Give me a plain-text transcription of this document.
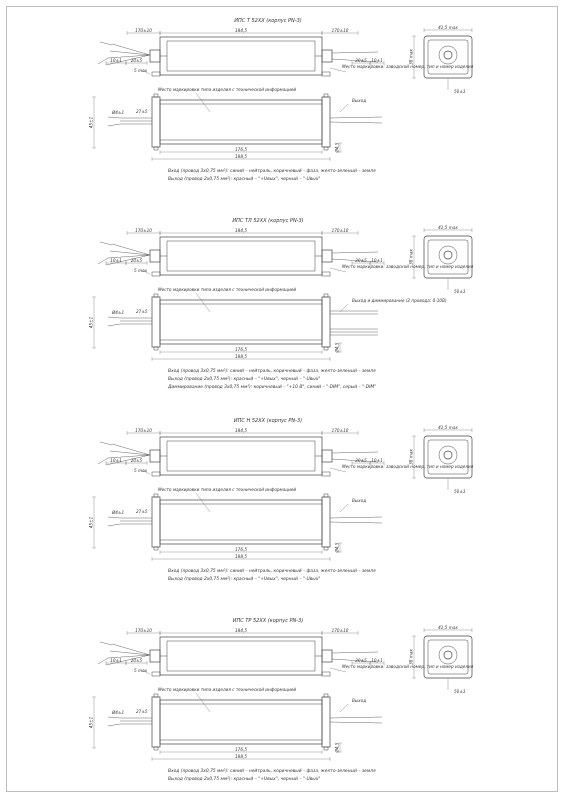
ИПС Т 52ХХ (корпус РN-3)
170±10	184,5	170±10
10±1 20±5	20±5 10±1
5 max
Место маркировки: заводской номер, тип и номер изделия
45±1
Ø4±1	27±5
Выход
Место маркировки типа изделия с технической информацией
176,5
188,5
Ø4,5
41,5 max
38 max
50±1
Вход (провод 3х0,75 мм²): синий – нейтраль, коричневый – фаза, желто-зеленый – земля
Выход (провод 2х0,75 мм²): красный – "+Uвых", черный – "-Uвых"
ИПС ТЛ 52ХХ (корпус РN-3)
170±10	184,5	170±10
10±1 20±5	20±5 10±1
5 max
Место маркировки: заводской номер, тип и номер изделия
45±1
Ø4±1	27±5
Выход и диммирование (2 провода: 0-10В)
Место маркировки типа изделия с технической информацией
176,5
188,5
Ø4,5
41,5 max
38 max
50±1
Вход (провод 3х0,75 мм²): синий – нейтраль, коричневый – фаза, желто-зеленый – земля
Выход (провод 2х0,75 мм²): красный – "+Uвых", черный – "-Uвых"
Диммирование (провод 3х0,75 мм²): коричневый – "+10 В", синий – "-DIM", серый – "-DIM"
ИПС Н 52ХХ (корпус РN-3)
170±10	184,5	170±10
10±1 20±5	20±5 10±1
5 max
Место маркировки: заводской номер, тип и номер изделия
45±1
Ø4±1	27±5
Выход
Место маркировки типа изделия с технической информацией
176,5
188,5
Ø4,5
41,5 max
38 max
50±1
Вход (провод 3х0,75 мм²): синий – нейтраль, коричневый – фаза, желто-зеленый – земля
Выход (провод 2х0,75 мм²): красный – "+Uвых", черный – "-Uвых"
ИПС ТР 52ХХ (корпус РN-3)
170±10	184,5	170±10
10±1 20±5	20±5 10±1
5 max
Место маркировки: заводской номер, тип и номер изделия
45±1
Ø4±1	27±5
Выход
Место маркировки типа изделия с технической информацией
176,5
188,5
Ø4,5
41,5 max
38 max
50±1
Вход (провод 3х0,75 мм²): синий – нейтраль, коричневый – фаза, желто-зеленый – земля
Выход (провод 2х0,75 мм²): красный – "+Uвых", черный – "-Uвых"
